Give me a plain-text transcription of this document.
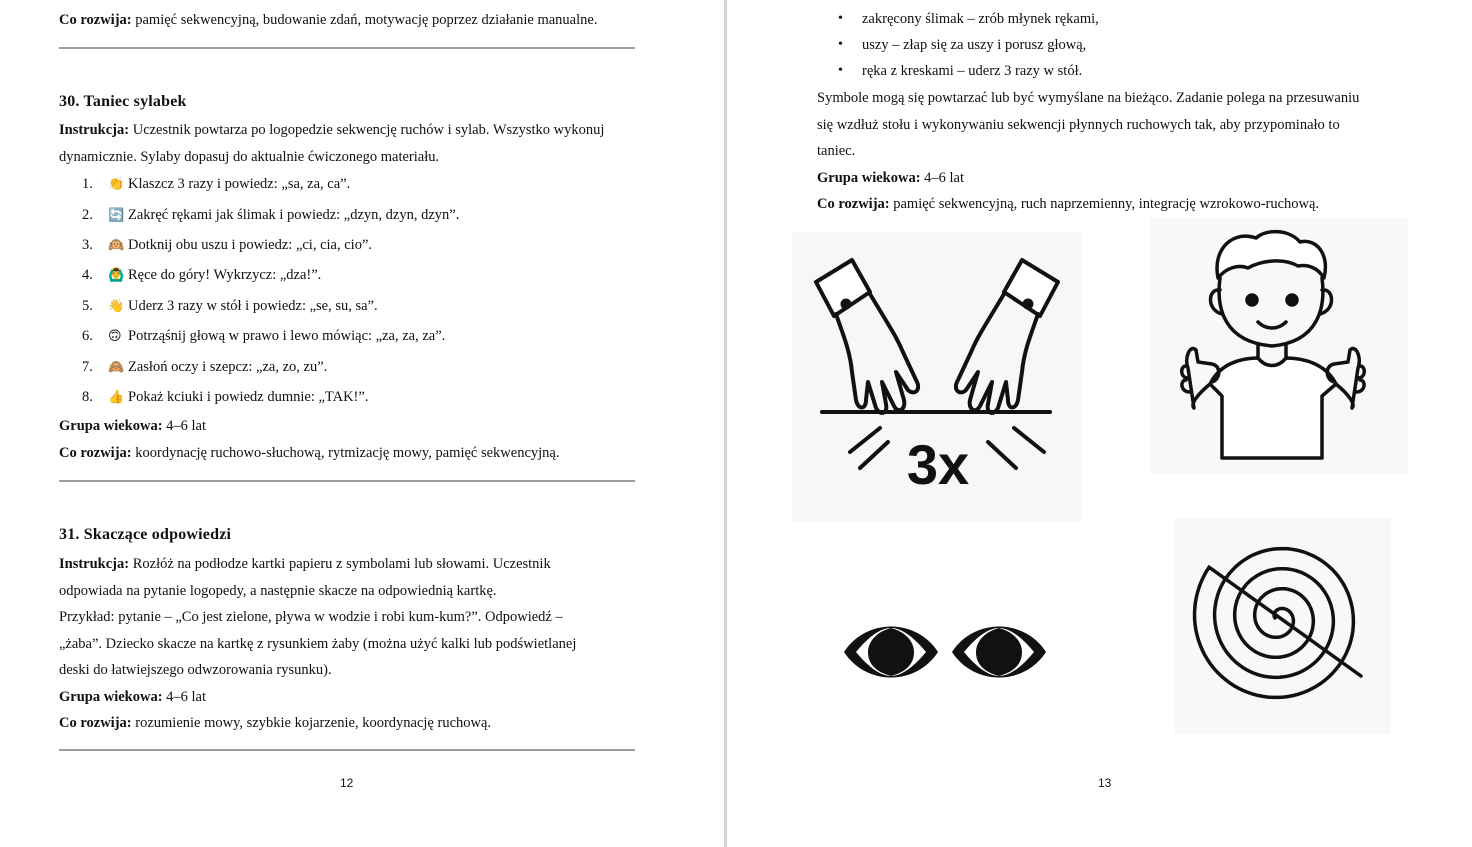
Co rozwija: pamięć sekwencyjną, budowanie zdań, motywację poprzez działanie manualne.
30. Taniec sylabek
Instrukcja: Uczestnik powtarza po logopedzie sekwencję ruchów i sylab. Wszystko wykonuj
dynamicznie. Sylaby dopasuj do aktualnie ćwiczonego materiału.
1. 👏 Klaszcz 3 razy i powiedz: „sa, za, ca”.
2. 🔄 Zakręć rękami jak ślimak i powiedz: „dzyn, dzyn, dzyn”.
3. 🙉 Dotknij obu uszu i powiedz: „ci, cia, cio”.
4. 🙆‍♂ Ręce do góry! Wykrzycz: „dza!”.
5. 👋 Uderz 3 razy w stół i powiedz: „se, su, sa”.
6. 🙃 Potrząśnij głową w prawo i lewo mówiąc: „za, za, za”.
7. 🙈 Zasłoń oczy i szepcz: „za, zo, zu”.
8. 👍 Pokaż kciuki i powiedz dumnie: „TAK!”.
Grupa wiekowa: 4–6 lat
Co rozwija: koordynację ruchowo-słuchową, rytmizację mowy, pamięć sekwencyjną.
31. Skaczące odpowiedzi
Instrukcja: Rozłóż na podłodze kartki papieru z symbolami lub słowami. Uczestnik
odpowiada na pytanie logopedy, a następnie skacze na odpowiednią kartkę.
Przykład: pytanie – „Co jest zielone, pływa w wodzie i robi kum-kum?”. Odpowiedź –
„żaba”. Dziecko skacze na kartkę z rysunkiem żaby (można użyć kalki lub podświetlanej
deski do łatwiejszego odwzorowania rysunku).
Grupa wiekowa: 4–6 lat
Co rozwija: rozumienie mowy, szybkie kojarzenie, koordynację ruchową.
12
zakręcony ślimak – zrób młynek rękami,
uszy – złap się za uszy i porusz głową,
ręka z kreskami – uderz 3 razy w stół.
Symbole mogą się powtarzać lub być wymyślane na bieżąco. Zadanie polega na przesuwaniu
się wzdłuż stołu i wykonywaniu sekwencji płynnych ruchowych tak, aby przypominało to
taniec.
Grupa wiekowa: 4–6 lat
Co rozwija: pamięć sekwencyjną, ruch naprzemienny, integrację wzrokowo-ruchową.
3x
13
